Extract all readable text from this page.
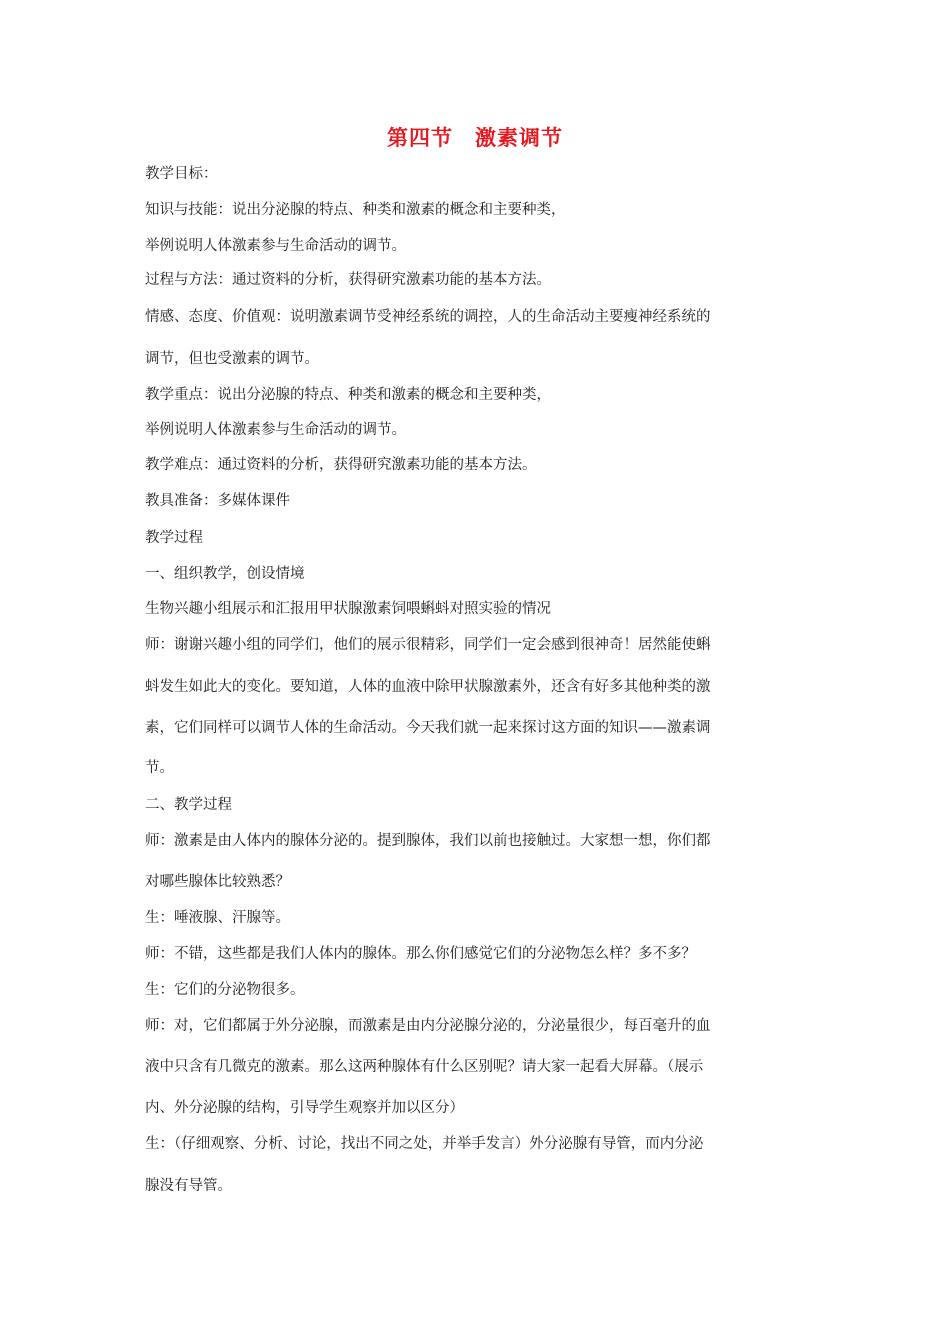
第四节　激素调节
教学目标：
知识与技能：说出分泌腺的特点、种类和激素的概念和主要种类，
举例说明人体激素参与生命活动的调节。
过程与方法：通过资料的分析，获得研究激素功能的基本方法。
情感、态度、价值观：说明激素调节受神经系统的调控，人的生命活动主要瘦神经系统的
调节，但也受激素的调节。
教学重点：说出分泌腺的特点、种类和激素的概念和主要种类，
举例说明人体激素参与生命活动的调节。
教学难点：通过资料的分析，获得研究激素功能的基本方法。
教具准备：多媒体课件
教学过程
一、组织教学，创设情境
生物兴趣小组展示和汇报用甲状腺激素饲喂蝌蚪对照实验的情况
师：谢谢兴趣小组的同学们，他们的展示很精彩，同学们一定会感到很神奇！居然能使蝌
蚪发生如此大的变化。要知道，人体的血液中除甲状腺激素外，还含有好多其他种类的激
素，它们同样可以调节人体的生命活动。今天我们就一起来探讨这方面的知识——激素调
节。
二、教学过程
师：激素是由人体内的腺体分泌的。提到腺体，我们以前也接触过。大家想一想，你们都
对哪些腺体比较熟悉？
生：唾液腺、汗腺等。
师：不错，这些都是我们人体内的腺体。那么你们感觉它们的分泌物怎么样？多不多？
生：它们的分泌物很多。
师：对，它们都属于外分泌腺，而激素是由内分泌腺分泌的，分泌量很少，每百毫升的血
液中只含有几微克的激素。那么这两种腺体有什么区别呢？请大家一起看大屏幕。（展示
内、外分泌腺的结构，引导学生观察并加以区分）
生：（仔细观察、分析、讨论，找出不同之处，并举手发言）外分泌腺有导管，而内分泌
腺没有导管。
